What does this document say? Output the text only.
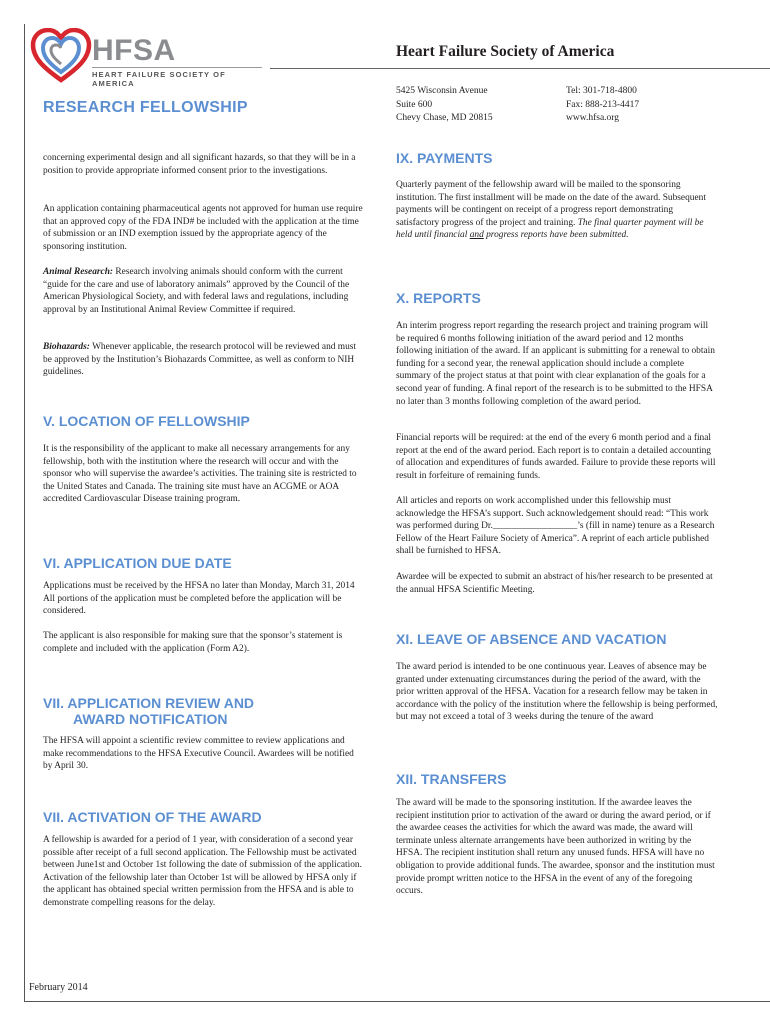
HFSA
HEART FAILURE SOCIETY OF AMERICA
Heart Failure Society of America
5425 Wisconsin Avenue
Suite 600
Chevy Chase, MD 20815
Tel: 301-718-4800
Fax: 888-213-4417
www.hfsa.org
RESEARCH FELLOWSHIP

concerning experimental design and all significant hazards, so that they will be in a position to provide appropriate informed consent prior to the investigations.

An application containing pharmaceutical agents not approved for human use require that an approved copy of the FDA IND# be included with the application at the time of submission or an IND exemption issued by the appropriate agency of the sponsoring institution.

Animal Research: Research involving animals should conform with the current “guide for the care and use of laboratory animals” approved by the Council of the American Physiological Society, and with federal laws and regulations, including approval by an Institutional Animal Review Committee if required.

Biohazards: Whenever applicable, the research protocol will be reviewed and must be approved by the Institution’s Biohazards Committee, as well as conform to NIH guidelines.

V. LOCATION OF FELLOWSHIP

It is the responsibility of the applicant to make all necessary arrangements for any fellowship, both with the institution where the research will occur and with the sponsor who will supervise the awardee’s activities. The training site is restricted to the United States and Canada. The training site must have an ACGME or AOA accredited Cardiovascular Disease training program.

VI. APPLICATION DUE DATE

Applications must be received by the HFSA no later than Monday, March 31, 2014 All portions of the application must be completed before the application will be considered.

The applicant is also responsible for making sure that the sponsor’s statement is complete and included with the application (Form A2).

VII. APPLICATION REVIEW AND
AWARD NOTIFICATION

The HFSA will appoint a scientific review committee to review applications and make recommendations to the HFSA Executive Council. Awardees will be notified by April 30.

VII. ACTIVATION OF THE AWARD

A fellowship is awarded for a period of 1 year, with consideration of a second year possible after receipt of a full second application. The Fellowship must be activated between June1st and October 1st following the date of submission of the application. Activation of the fellowship later than October 1st will be allowed by HFSA only if the applicant has obtained special written permission from the HFSA and is able to demonstrate compelling reasons for the delay.

IX. PAYMENTS

Quarterly payment of the fellowship award will be mailed to the sponsoring institution. The first installment will be made on the date of the award. Subsequent payments will be contingent on receipt of a progress report demonstrating satisfactory progress of the project and training. The final quarter payment will be held until financial and progress reports have been submitted.

X. REPORTS

An interim progress report regarding the research project and training program will be required 6 months following initiation of the award period and 12 months following initiation of the award. If an applicant is submitting for a renewal to obtain funding for a second year, the renewal application should include a complete summary of the project status at that point with clear explanation of the goals for a second year of funding. A final report of the research is to be submitted to the HFSA no later than 3 months following completion of the award period.

Financial reports will be required: at the end of the every 6 month period and a final report at the end of the award period. Each report is to contain a detailed accounting of allocation and expenditures of funds awarded. Failure to provide these reports will result in forfeiture of remaining funds.

All articles and reports on work accomplished under this fellowship must acknowledge the HFSA’s support. Such acknowledgement should read: “This work was performed during Dr.__________________’s (fill in name) tenure as a Research Fellow of the Heart Failure Society of America”. A reprint of each article published shall be furnished to HFSA.

Awardee will be expected to submit an abstract of his/her research to be presented at the annual HFSA Scientific Meeting.

XI. LEAVE OF ABSENCE AND VACATION

The award period is intended to be one continuous year. Leaves of absence may be granted under extenuating circumstances during the period of the award, with the prior written approval of the HFSA. Vacation for a research fellow may be taken in accordance with the policy of the institution where the fellowship is being performed, but may not exceed a total of 3 weeks during the tenure of the award

XII. TRANSFERS

The award will be made to the sponsoring institution. If the awardee leaves the recipient institution prior to activation of the award or during the award period, or if the awardee ceases the activities for which the award was made, the award will terminate unless alternate arrangements have been authorized in writing by the HFSA. The recipient institution shall return any unused funds. HFSA will have no obligation to provide additional funds. The awardee, sponsor and the institution must provide prompt written notice to the HFSA in the event of any of the foregoing occurs.

February 2014
